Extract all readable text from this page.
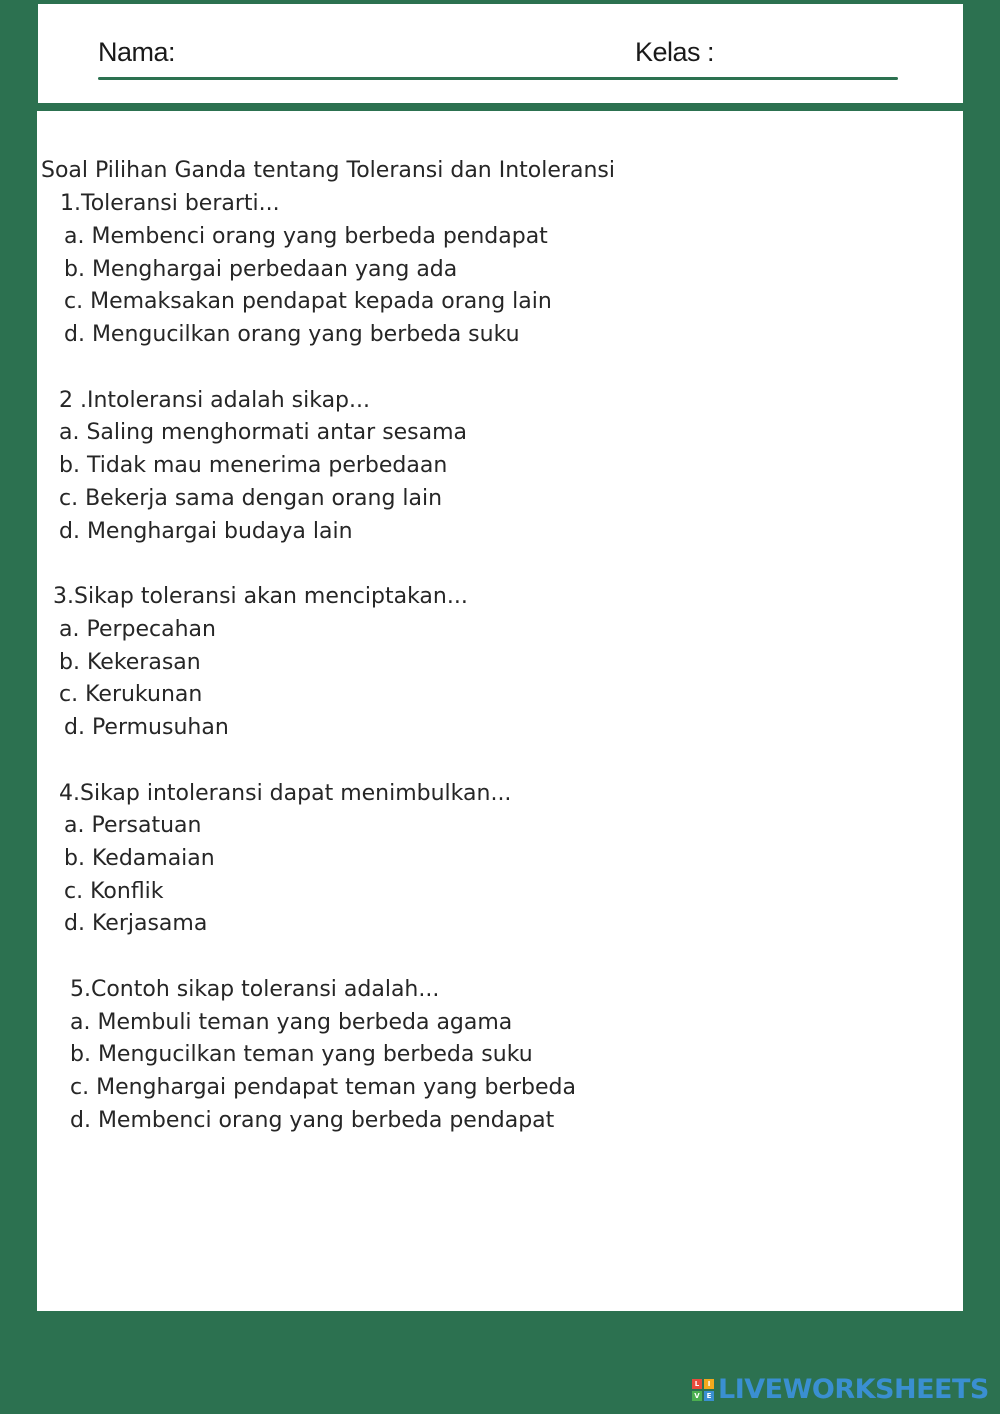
Nama:	Kelas :
Soal Pilihan Ganda tentang Toleransi dan Intoleransi
1.Toleransi berarti...
a. Membenci orang yang berbeda pendapat
b. Menghargai perbedaan yang ada
c. Memaksakan pendapat kepada orang lain
d. Mengucilkan orang yang berbeda suku
2 .Intoleransi adalah sikap...
a. Saling menghormati antar sesama
b. Tidak mau menerima perbedaan
c. Bekerja sama dengan orang lain
d. Menghargai budaya lain
3.Sikap toleransi akan menciptakan...
a. Perpecahan
b. Kekerasan
c. Kerukunan
d. Permusuhan
4.Sikap intoleransi dapat menimbulkan...
a. Persatuan
b. Kedamaian
c. Konflik
d. Kerjasama
5.Contoh sikap toleransi adalah...
a. Membuli teman yang berbeda agama
b. Mengucilkan teman yang berbeda suku
c. Menghargai pendapat teman yang berbeda
d. Membenci orang yang berbeda pendapat
L	I
V E LIVEWORKSHEETS
